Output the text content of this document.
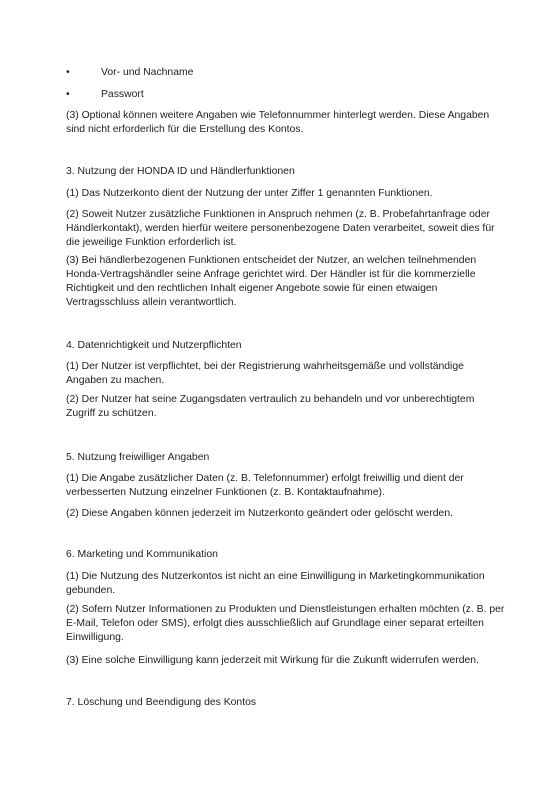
•	Vor- und Nachname
•	Passwort
(3) Optional können weitere Angaben wie Telefonnummer hinterlegt werden. Diese Angaben sind nicht erforderlich für die Erstellung des Kontos.
3. Nutzung der HONDA ID und Händlerfunktionen
(1) Das Nutzerkonto dient der Nutzung der unter Ziffer 1 genannten Funktionen.
(2) Soweit Nutzer zusätzliche Funktionen in Anspruch nehmen (z. B. Probefahrtanfrage oder Händlerkontakt), werden hierfür weitere personenbezogene Daten verarbeitet, soweit dies für die jeweilige Funktion erforderlich ist.
(3) Bei händlerbezogenen Funktionen entscheidet der Nutzer, an welchen teilnehmenden Honda-Vertragshändler seine Anfrage gerichtet wird. Der Händler ist für die kommerzielle Richtigkeit und den rechtlichen Inhalt eigener Angebote sowie für einen etwaigen Vertragsschluss allein verantwortlich.
4. Datenrichtigkeit und Nutzerpflichten
(1) Der Nutzer ist verpflichtet, bei der Registrierung wahrheitsgemäße und vollständige Angaben zu machen.
(2) Der Nutzer hat seine Zugangsdaten vertraulich zu behandeln und vor unberechtigtem Zugriff zu schützen.
5. Nutzung freiwilliger Angaben
(1) Die Angabe zusätzlicher Daten (z. B. Telefonnummer) erfolgt freiwillig und dient der verbesserten Nutzung einzelner Funktionen (z. B. Kontaktaufnahme).
(2) Diese Angaben können jederzeit im Nutzerkonto geändert oder gelöscht werden.
6. Marketing und Kommunikation
(1) Die Nutzung des Nutzerkontos ist nicht an eine Einwilligung in Marketingkommunikation gebunden.
(2) Sofern Nutzer Informationen zu Produkten und Dienstleistungen erhalten möchten (z. B. per E-Mail, Telefon oder SMS), erfolgt dies ausschließlich auf Grundlage einer separat erteilten Einwilligung.
(3) Eine solche Einwilligung kann jederzeit mit Wirkung für die Zukunft widerrufen werden.
7. Löschung und Beendigung des Kontos
